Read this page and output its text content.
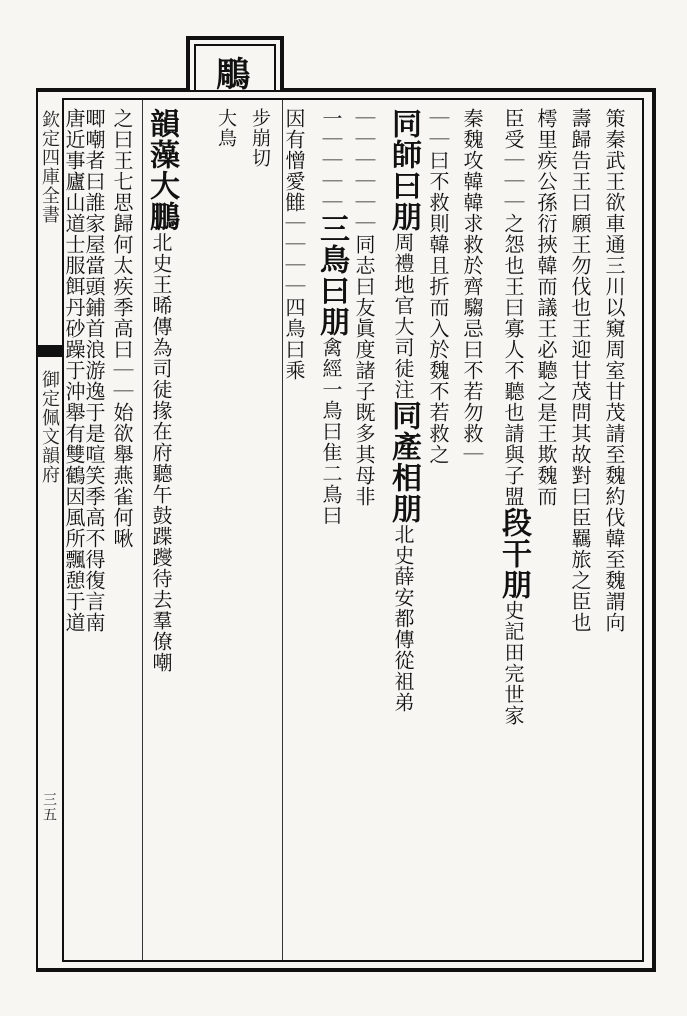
鵰
欽定四庫全書
御定佩文韻府
三五
步崩切
大鳥	策秦武王欲車通三川以窺周室甘茂請至魏約伐韓至魏謂向
壽歸告王曰願王勿伐也王迎甘茂問其故對曰臣羈旅之臣也
樗里疾公孫衍挾韓而議王必聽之是王欺魏而
臣受｜｜｜之怨也王曰寡人不聽也請與子盟段干朋史記田完世家
秦魏攻韓韓求救於齊騶忌曰不若勿救｜
｜｜曰不救則韓且折而入於魏不若救之
同師曰朋周禮地官大司徒注同產相朋北史薛安都傳從祖弟
｜｜｜｜｜｜同志曰友眞度諸子既多其母非
一｜｜｜｜三鳥曰朋禽經一鳥曰隹二鳥曰
因有憎愛雔｜｜｜｜四鳥曰乘
韻藻大鵬北史王晞傳為司徒掾在府聽午鼓蹀躞待去羣僚嘲
之曰王七思歸何太疾季高曰｜｜始欲舉燕雀何啾
唧嘲者曰誰家屋當頭鋪首浪游逸于是喧笑季高不得復言南
唐近事廬山道士服餌丹砂躁于沖舉有雙鶴因風所飄憩于道
